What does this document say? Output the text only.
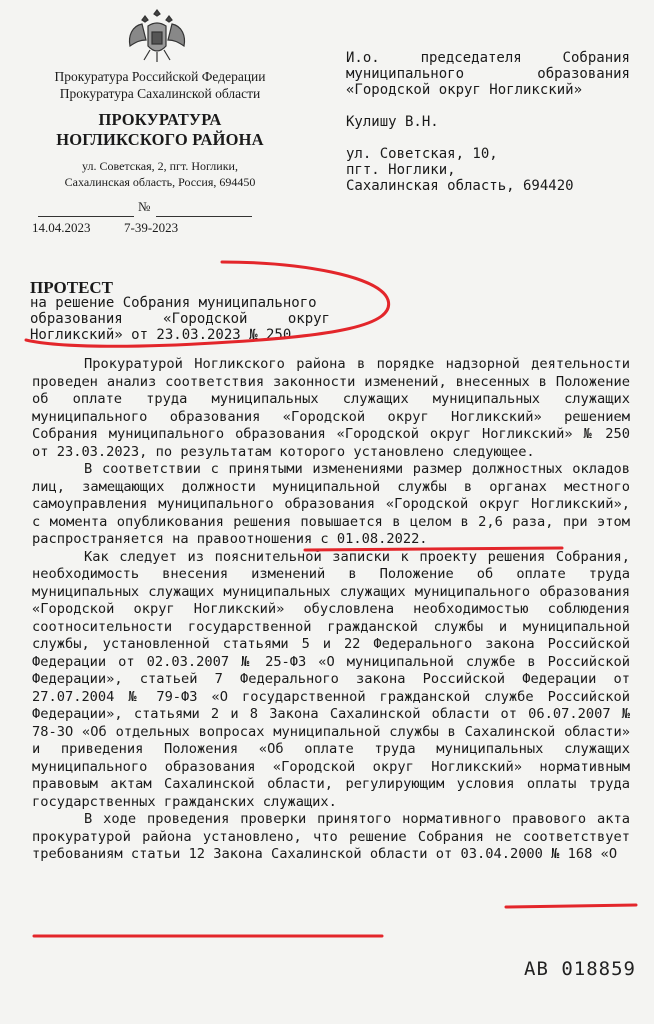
Прокуратура Российской Федерации
Прокуратура Сахалинской области
ПРОКУРАТУРА
НОГЛИКСКОГО РАЙОНА
ул. Советская, 2, пгт. Ноглики,
Сахалинская область, Россия, 694450
№
14.04.2023	7-39-2023
И.о. председателя Собрания
муниципального образования
«Городской округ Ногликский»
Кулишу В.Н.
ул. Советская, 10,
пгт. Ноглики,
Сахалинская область, 694420
ПРОТЕСТ
на решение Собрания муниципального
образования «Городской округ
Ногликский» от 23.03.2023 № 250

Прокуратурой Ногликского района в порядке надзорной деятельности проведен анализ соответствия законности изменений, внесенных в Положение об оплате труда муниципальных служащих муниципальных служащих муниципального образования «Городской округ Ногликский» решением Собрания муниципального образования «Городской округ Ногликский» № 250 от 23.03.2023, по результатам которого установлено следующее.

В соответствии с принятыми изменениями размер должностных окладов лиц, замещающих должности муниципальной службы в органах местного самоуправления муниципального образования «Городской округ Ногликский», с момента опубликования решения повышается в целом в 2,6 раза, при этом распространяется на правоотношения с 01.08.2022.

Как следует из пояснительной записки к проекту решения Собрания, необходимость внесения изменений в Положение об оплате труда муниципальных служащих муниципальных служащих муниципального образования «Городской округ Ногликский» обусловлена необходимостью соблюдения соотносительности государственной гражданской службы и муниципальной службы, установленной статьями 5 и 22 Федерального закона Российской Федерации от 02.03.2007 № 25-ФЗ «О муниципальной службе в Российской Федерации», статьей 7 Федерального закона Российской Федерации от 27.07.2004 № 79-ФЗ «О государственной гражданской службе Российской Федерации», статьями 2 и 8 Закона Сахалинской области от 06.07.2007 № 78-ЗО «Об отдельных вопросах муниципальной службы в Сахалинской области» и приведения Положения «Об оплате труда муниципальных служащих муниципального образования «Городской округ Ногликский» нормативным правовым актам Сахалинской области, регулирующим условия оплаты труда государственных гражданских служащих.

В ходе проведения проверки принятого нормативного правового акта прокуратурой района установлено, что решение Собрания не соответствует требованиям статьи 12 Закона Сахалинской области от 03.04.2000 № 168 «О

АВ 018859
